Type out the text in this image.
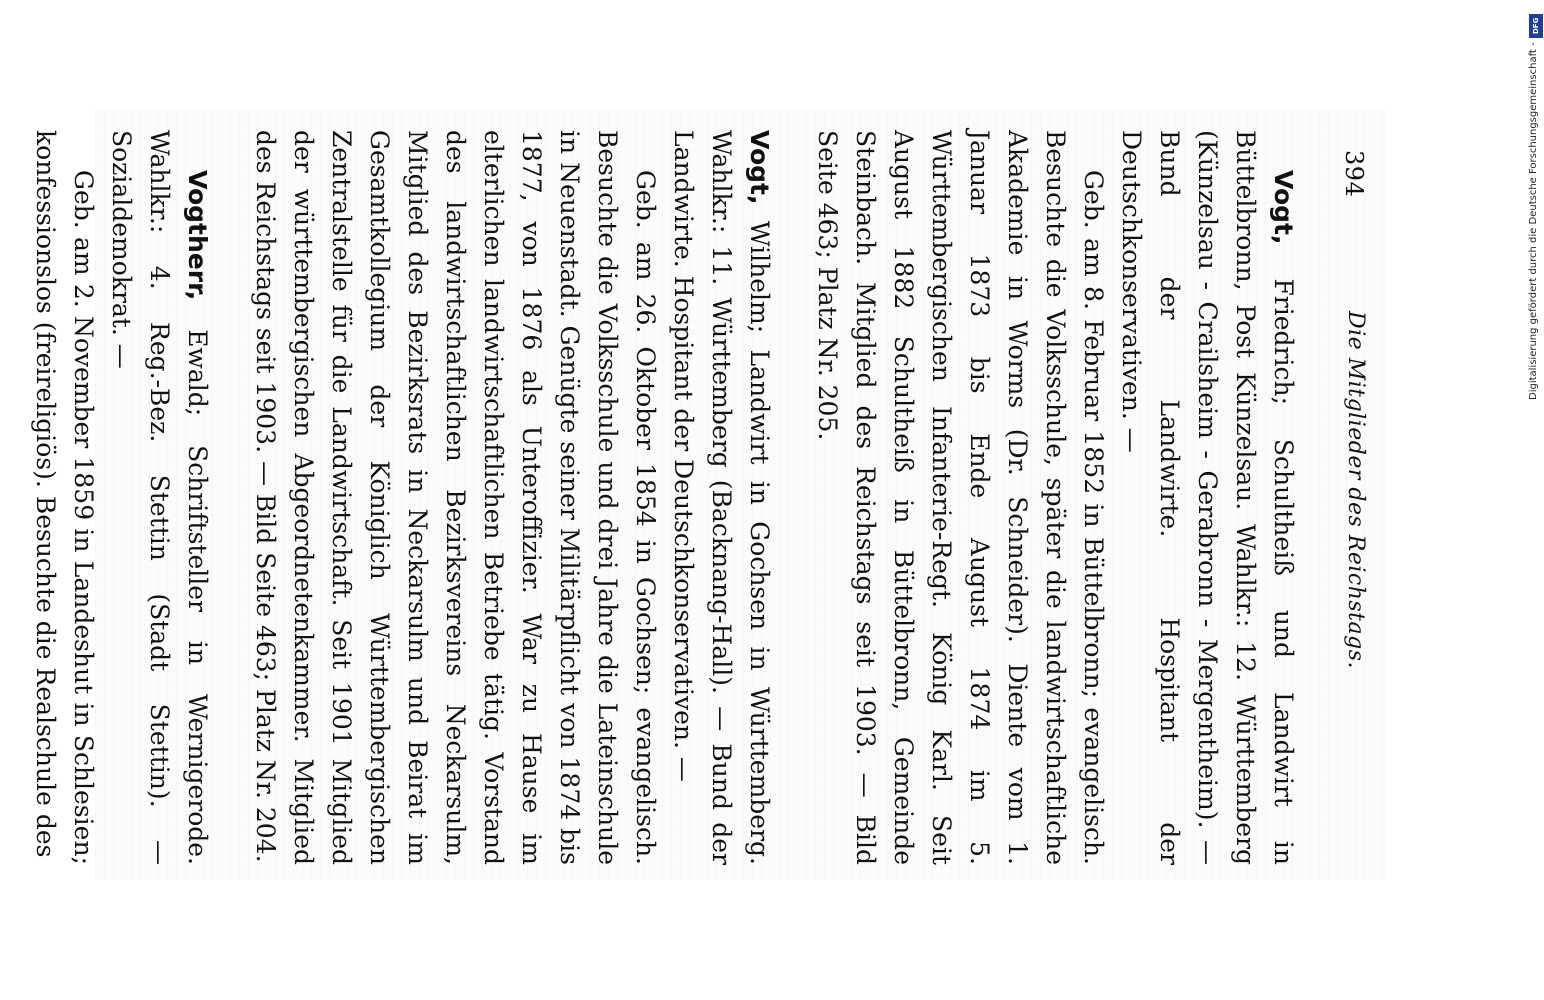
394
Die Mitglieder des Reichstags.

Vogt, Friedrich; Schultheiß und Landwirt in Büttelbronn, Post Künzelsau. Wahlkr.: 12. Württemberg (Künzelsau - Crailsheim - Gerabronn - Mergentheim). — Bund der Landwirte. Hospitant der Deutschkonservativen. —

Geb. am 8. Februar 1852 in Büttelbronn; evangelisch. Besuchte die Volksschule, später die landwirtschaftliche Akademie in Worms (Dr. Schneider). Diente vom 1. Januar 1873 bis Ende August 1874 im 5. Württembergischen Infanterie-Regt. König Karl. Seit August 1882 Schultheiß in Büttelbronn, Gemeinde Steinbach. Mitglied des Reichstags seit 1903. — Bild Seite 463; Platz Nr. 205.

Vogt, Wilhelm; Landwirt in Gochsen in Württemberg. Wahlkr.: 11. Württemberg (Backnang-Hall). — Bund der Landwirte. Hospitant der Deutschkonservativen. —

Geb. am 26. Oktober 1854 in Gochsen; evangelisch. Besuchte die Volksschule und drei Jahre die Lateinschule in Neuenstadt. Genügte seiner Militärpflicht von 1874 bis 1877, von 1876 als Unteroffizier. War zu Hause im elterlichen landwirtschaftlichen Betriebe tätig. Vorstand des landwirtschaftlichen Bezirksvereins Neckarsulm, Mitglied des Bezirksrats in Neckarsulm und Beirat im Gesamtkollegium der Königlich Württembergischen Zentralstelle für die Landwirtschaft. Seit 1901 Mitglied der württembergischen Abgeordnetenkammer. Mitglied des Reichstags seit 1903. — Bild Seite 463; Platz Nr. 204.

Vogtherr, Ewald; Schriftsteller in Wernigerode. Wahlkr.: 4. Reg.-Bez. Stettin (Stadt Stettin). — Sozialdemokrat. —

Geb. am 2. November 1859 in Landeshut in Schlesien; konfessionslos (freireligiös). Besuchte die Realschule des

DFG
Digitalisierung gefördert durch die Deutsche Forschungsgemeinschaft -
